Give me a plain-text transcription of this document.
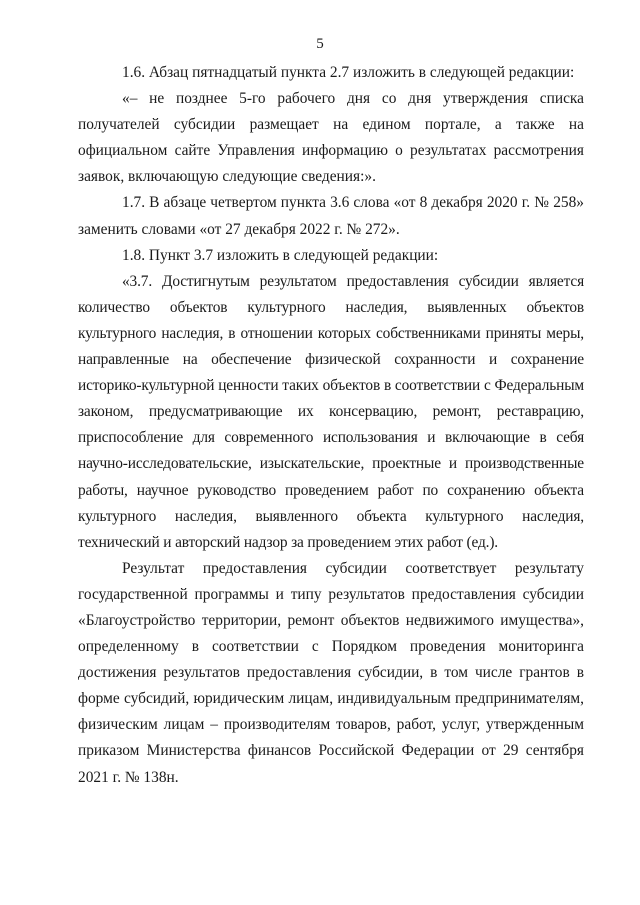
5

1.6. Абзац пятнадцатый пункта 2.7 изложить в следующей редакции:

«– не позднее 5-го рабочего дня со дня утверждения списка получателей субсидии размещает на едином портале, а также на официальном сайте Управления информацию о результатах рассмотрения заявок, включающую следующие сведения:».

1.7. В абзаце четвертом пункта 3.6 слова «от 8 декабря 2020 г. № 258» заменить словами «от 27 декабря 2022 г. № 272».

1.8. Пункт 3.7 изложить в следующей редакции:

«3.7. Достигнутым результатом предоставления субсидии является количество объектов культурного наследия, выявленных объектов культурного наследия, в отношении которых собственниками приняты меры, направленные на обеспечение физической сохранности и сохранение историко-культурной ценности таких объектов в соответствии с Федеральным законом, предусматривающие их консервацию, ремонт, реставрацию, приспособление для современного использования и включающие в себя научно-исследовательские, изыскательские, проектные и производственные работы, научное руководство проведением работ по сохранению объекта культурного наследия, выявленного объекта культурного наследия, технический и авторский надзор за проведением этих работ (ед.).

Результат предоставления субсидии соответствует результату государственной программы и типу результатов предоставления субсидии «Благоустройство территории, ремонт объектов недвижимого имущества», определенному в соответствии с Порядком проведения мониторинга достижения результатов предоставления субсидии, в том числе грантов в форме субсидий, юридическим лицам, индивидуальным предпринимателям, физическим лицам – производителям товаров, работ, услуг, утвержденным приказом Министерства финансов Российской Федерации от 29 сентября 2021 г. № 138н.
